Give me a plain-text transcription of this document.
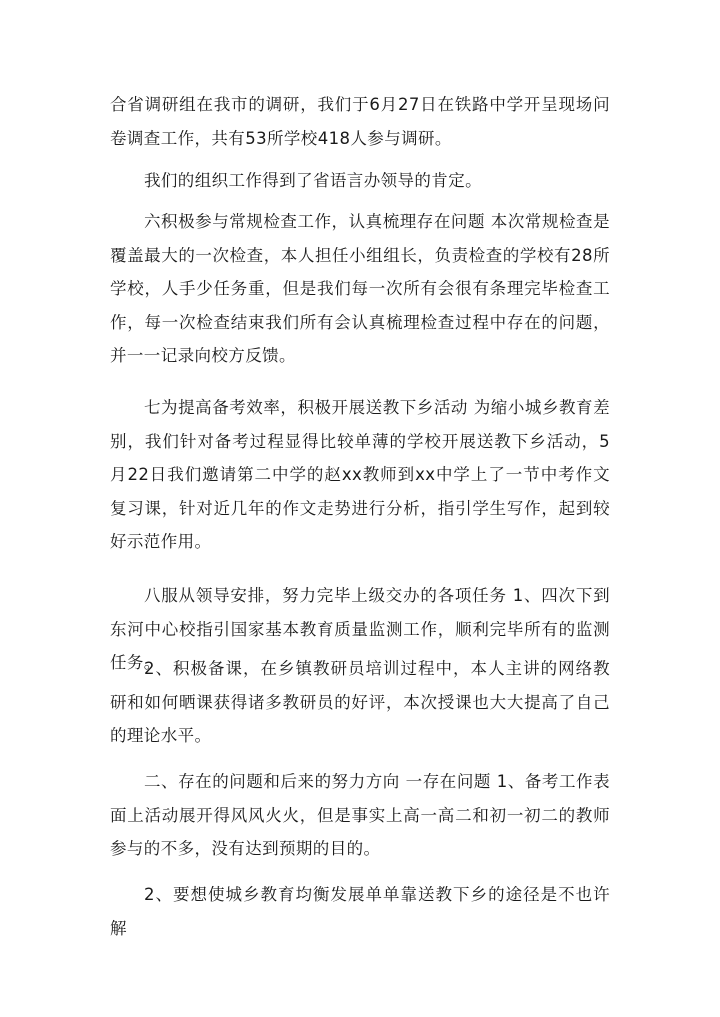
合省调研组在我市的调研，我们于6月27日在铁路中学开呈现场问卷调查工作，共有53所学校418人参与调研。

我们的组织工作得到了省语言办领导的肯定。

六积极参与常规检查工作，认真梳理存在问题 本次常规检查是覆盖最大的一次检查，本人担任小组组长，负责检查的学校有28所学校，人手少任务重，但是我们每一次所有会很有条理完毕检查工作，每一次检查结束我们所有会认真梳理检查过程中存在的问题，并一一记录向校方反馈。

七为提高备考效率，积极开展送教下乡活动 为缩小城乡教育差别，我们针对备考过程显得比较单薄的学校开展送教下乡活动，5月22日我们邀请第二中学的赵xx教师到xx中学上了一节中考作文复习课，针对近几年的作文走势进行分析，指引学生写作，起到较好示范作用。

八服从领导安排，努力完毕上级交办的各项任务 1、四次下到东河中心校指引国家基本教育质量监测工作，顺利完毕所有的监测任务。

2、积极备课，在乡镇教研员培训过程中，本人主讲的网络教研和如何晒课获得诸多教研员的好评，本次授课也大大提高了自己的理论水平。

二、存在的问题和后来的努力方向 一存在问题 1、备考工作表面上活动展开得风风火火，但是事实上高一高二和初一初二的教师参与的不多，没有达到预期的目的。

2、要想使城乡教育均衡发展单单靠送教下乡的途径是不也许解
